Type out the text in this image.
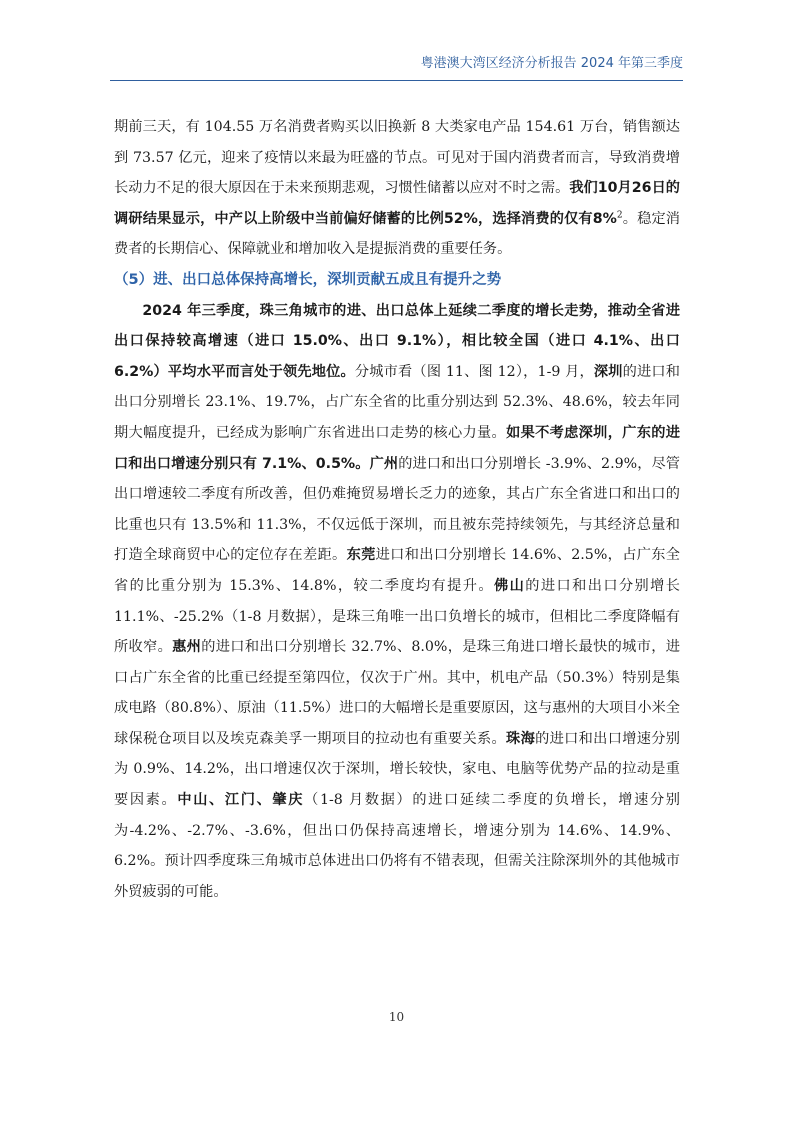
粤港澳大湾区经济分析报告 2024 年第三季度

期前三天，有 104.55 万名消费者购买以旧换新 8 大类家电产品 154.61 万台，销售额达到 73.57 亿元，迎来了疫情以来最为旺盛的节点。可见对于国内消费者而言，导致消费增长动力不足的很大原因在于未来预期悲观，习惯性储蓄以应对不时之需。我们10月26日的调研结果显示，中产以上阶级中当前偏好储蓄的比例52%，选择消费的仅有8%$^2$。稳定消费者的长期信心、保障就业和增加收入是提振消费的重要任务。

（5）进、出口总体保持高增长，深圳贡献五成且有提升之势

2024 年三季度，珠三角城市的进、出口总体上延续二季度的增长走势，推动全省进出口保持较高增速（进口 15.0%、出口 9.1%），相比较全国（进口 4.1%、出口 6.2%）平均水平而言处于领先地位。分城市看（图 11、图 12），1-9 月，深圳的进口和出口分别增长 23.1%、19.7%，占广东全省的比重分别达到 52.3%、48.6%，较去年同期大幅度提升，已经成为影响广东省进出口走势的核心力量。如果不考虑深圳，广东的进口和出口增速分别只有 7.1%、0.5%。广州的进口和出口分别增长 -3.9%、2.9%，尽管出口增速较二季度有所改善，但仍难掩贸易增长乏力的迹象，其占广东全省进口和出口的比重也只有 13.5%和 11.3%，不仅远低于深圳，而且被东莞持续领先，与其经济总量和打造全球商贸中心的定位存在差距。东莞进口和出口分别增长 14.6%、2.5%，占广东全省的比重分别为 15.3%、14.8%，较二季度均有提升。佛山的进口和出口分别增长 11.1%、-25.2%（1-8 月数据），是珠三角唯一出口负增长的城市，但相比二季度降幅有所收窄。惠州的进口和出口分别增长 32.7%、8.0%，是珠三角进口增长最快的城市，进口占广东全省的比重已经提至第四位，仅次于广州。其中，机电产品（50.3%）特别是集成电路（80.8%）、原油（11.5%）进口的大幅增长是重要原因，这与惠州的大项目小米全球保税仓项目以及埃克森美孚一期项目的拉动也有重要关系。珠海的进口和出口增速分别为 0.9%、14.2%，出口增速仅次于深圳，增长较快，家电、电脑等优势产品的拉动是重要因素。中山、江门、肇庆（1-8 月数据）的进口延续二季度的负增长，增速分别为-4.2%、-2.7%、-3.6%，但出口仍保持高速增长，增速分别为 14.6%、14.9%、6.2%。预计四季度珠三角城市总体进出口仍将有不错表现，但需关注除深圳外的其他城市外贸疲弱的可能。

10
